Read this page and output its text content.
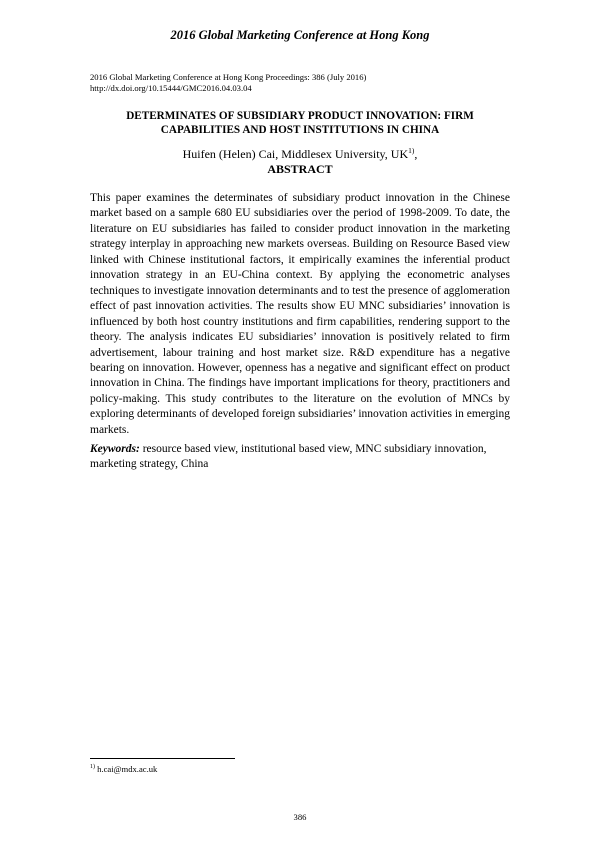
2016 Global Marketing Conference at Hong Kong
2016 Global Marketing Conference at Hong Kong Proceedings: 386 (July 2016)
http://dx.doi.org/10.15444/GMC2016.04.03.04
DETERMINATES OF SUBSIDIARY PRODUCT INNOVATION: FIRM
CAPABILITIES AND HOST INSTITUTIONS IN CHINA
Huifen (Helen) Cai, Middlesex University, UK$^{1)}$,
ABSTRACT

This paper examines the determinates of subsidiary product innovation in the Chinese market based on a sample 680 EU subsidiaries over the period of 1998-2009. To date, the literature on EU subsidiaries has failed to consider product innovation in the marketing strategy interplay in approaching new markets overseas. Building on Resource Based view linked with Chinese institutional factors, it empirically examines the inferential product innovation strategy in an EU-China context. By applying the econometric analyses techniques to investigate innovation determinants and to test the presence of agglomeration effect of past innovation activities. The results show EU MNC subsidiaries’ innovation is influenced by both host country institutions and firm capabilities, rendering support to the theory. The analysis indicates EU subsidiaries’ innovation is positively related to firm advertisement, labour training and host market size. R&D expenditure has a negative bearing on innovation. However, openness has a negative and significant effect on product innovation in China. The findings have important implications for theory, practitioners and policy-making. This study contributes to the literature on the evolution of MNCs by exploring determinants of developed foreign subsidiaries’ innovation activities in emerging markets.

Keywords: resource based view, institutional based view, MNC subsidiary innovation, marketing strategy, China

$^{1)}$ h.cai@mdx.ac.uk
386
